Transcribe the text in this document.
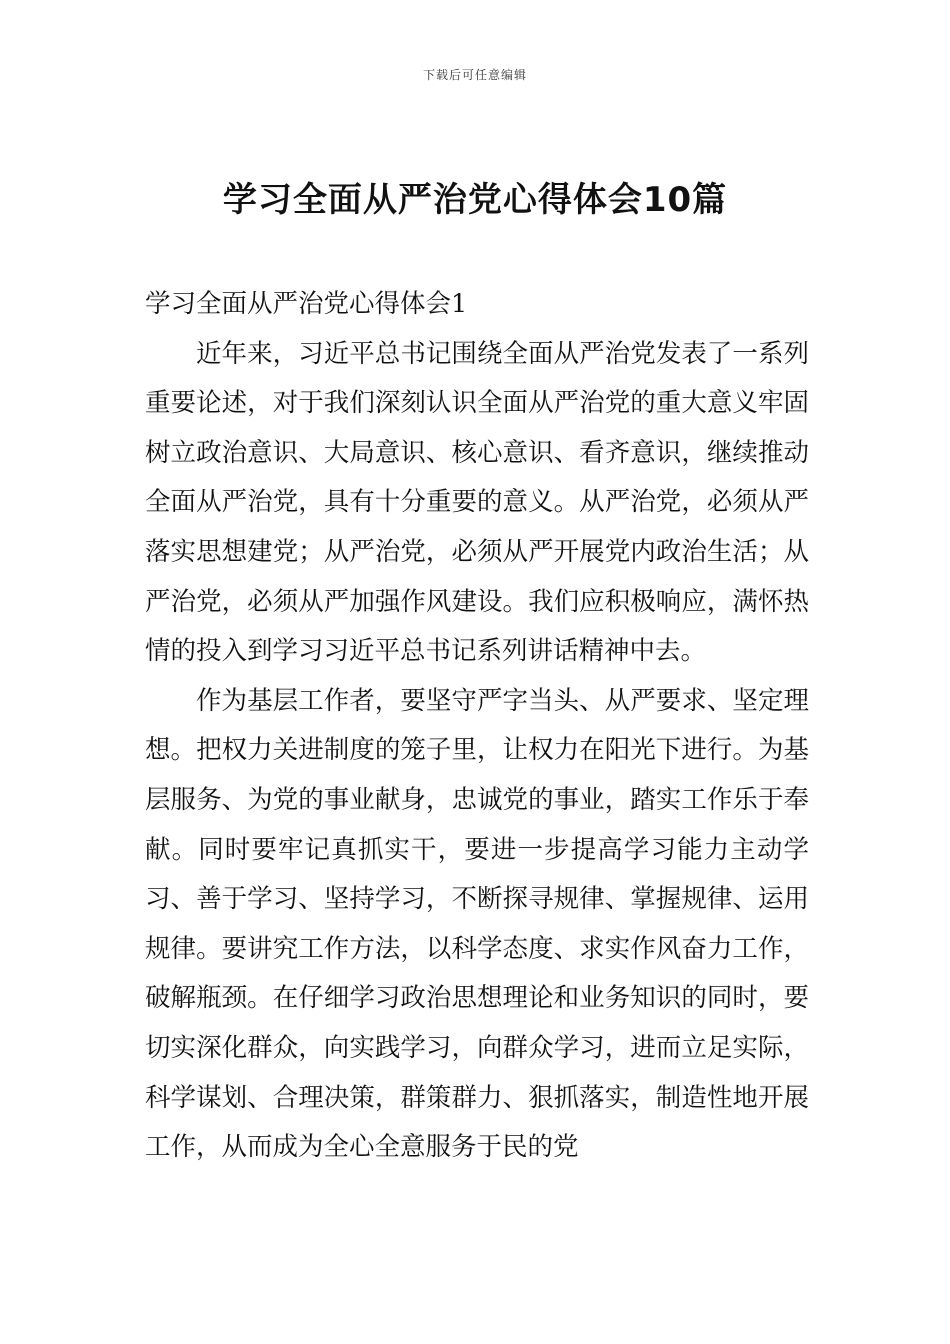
下载后可任意编辑
学习全面从严治党心得体会10篇

学习全面从严治党心得体会1

近年来，习近平总书记围绕全面从严治党发表了一系列重要论述，对于我们深刻认识全面从严治党的重大意义牢固树立政治意识、大局意识、核心意识、看齐意识，继续推动全面从严治党，具有十分重要的意义。从严治党，必须从严落实思想建党；从严治党，必须从严开展党内政治生活；从严治党，必须从严加强作风建设。我们应积极响应，满怀热情的投入到学习习近平总书记系列讲话精神中去。

作为基层工作者，要坚守严字当头、从严要求、坚定理想。把权力关进制度的笼子里，让权力在阳光下进行。为基层服务、为党的事业献身，忠诚党的事业，踏实工作乐于奉献。同时要牢记真抓实干，要进一步提高学习能力主动学习、善于学习、坚持学习，不断探寻规律、掌握规律、运用规律。要讲究工作方法，以科学态度、求实作风奋力工作，破解瓶颈。在仔细学习政治思想理论和业务知识的同时，要切实深化群众，向实践学习，向群众学习，进而立足实际，科学谋划、合理决策，群策群力、狠抓落实，制造性地开展工作，从而成为全心全意服务于民的党
